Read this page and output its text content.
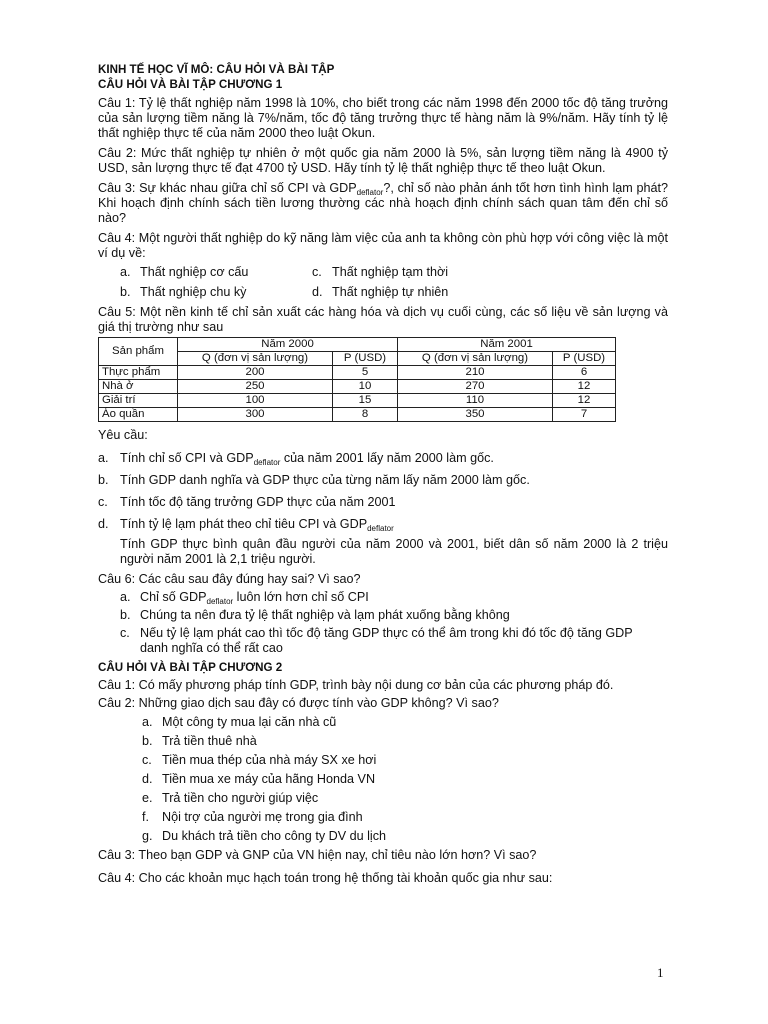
KINH TẾ HỌC VĨ MÔ: CÂU HỎI VÀ BÀI TẬP

CÂU HỎI VÀ BÀI TẬP CHƯƠNG 1

Câu 1: Tỷ lệ thất nghiệp năm 1998 là 10%, cho biết trong các năm 1998 đến 2000 tốc độ tăng trưởng của sản lượng tiềm năng là 7%/năm, tốc độ tăng trưởng thực tế hàng năm là 9%/năm. Hãy tính tỷ lệ thất nghiệp thực tế của năm 2000 theo luật Okun.

Câu 2: Mức thất nghiệp tự nhiên ở một quốc gia năm 2000 là 5%, sản lượng tiềm năng là 4900 tỷ USD, sản lượng thực tế đạt 4700 tỷ USD. Hãy tính tỷ lệ thất nghiệp thực tế theo luật Okun.

Câu 3: Sự khác nhau giữa chỉ số CPI và $GDP_{deflator}$?, chỉ số nào phản ánh tốt hơn tình hình lạm phát? Khi hoạch định chính sách tiền lương thường các nhà hoạch định chính sách quan tâm đến chỉ số nào?

Câu 4: Một người thất nghiệp do kỹ năng làm việc của anh ta không còn phù hợp với công việc là một ví dụ về:

a. Thất nghiệp cơ cấu	c. Thất nghiệp tạm thời
b. Thất nghiệp chu kỳ	d. Thất nghiệp tự nhiên

Câu 5: Một nền kinh tế chỉ sản xuất các hàng hóa và dịch vụ cuối cùng, các số liệu về sản lượng và giá thị trường như sau

Sản phẩm	Năm 2000		Năm 2001	
	Q (đơn vị sản lượng)	P (USD)	Q (đơn vị sản lượng)	P (USD)
Thực phẩm	200	5	210	6
Nhà ở	250	10	270	12
Giải trí	100	15	110	12
Áo quần	300	8	350	7

Yêu cầu:

a. Tính chỉ số CPI và $GDP_{deflator}$ của năm 2001 lấy năm 2000 làm gốc.
b. Tính GDP danh nghĩa và GDP thực của từng năm lấy năm 2000 làm gốc.
c. Tính tốc độ tăng trưởng GDP thực của năm 2001
d. Tính tỷ lệ lạm phát theo chỉ tiêu CPI và $GDP_{deflator}$

Tính GDP thực bình quân đầu người của năm 2000 và 2001, biết dân số năm 2000 là 2 triệu người năm 2001 là 2,1 triệu người.

Câu 6: Các câu sau đây đúng hay sai? Vì sao?

a. Chỉ số $GDP_{deflator}$ luôn lớn hơn chỉ số CPI
b. Chúng ta nên đưa tỷ lệ thất nghiệp và lạm phát xuống bằng không
c. Nếu tỷ lệ lạm phát cao thì tốc độ tăng GDP thực có thể âm trong khi đó tốc độ tăng GDP danh nghĩa có thể rất cao

CÂU HỎI VÀ BÀI TẬP CHƯƠNG 2

Câu 1: Có mấy phương pháp tính GDP, trình bày nội dung cơ bản của các phương pháp đó.

Câu 2: Những giao dịch sau đây có được tính vào GDP không? Vì sao?

a. Một công ty mua lại căn nhà cũ
b. Trả tiền thuê nhà
c. Tiền mua thép của nhà máy SX xe hơi
d. Tiền mua xe máy của hãng Honda VN
e. Trả tiền cho người giúp việc
f.	Nội trợ của người mẹ trong gia đình
g. Du khách trả tiền cho công ty DV du lịch

Câu 3: Theo bạn GDP và GNP của VN hiện nay, chỉ tiêu nào lớn hơn? Vì sao?

Câu 4: Cho các khoản mục hạch toán trong hệ thống tài khoản quốc gia như sau:

1
